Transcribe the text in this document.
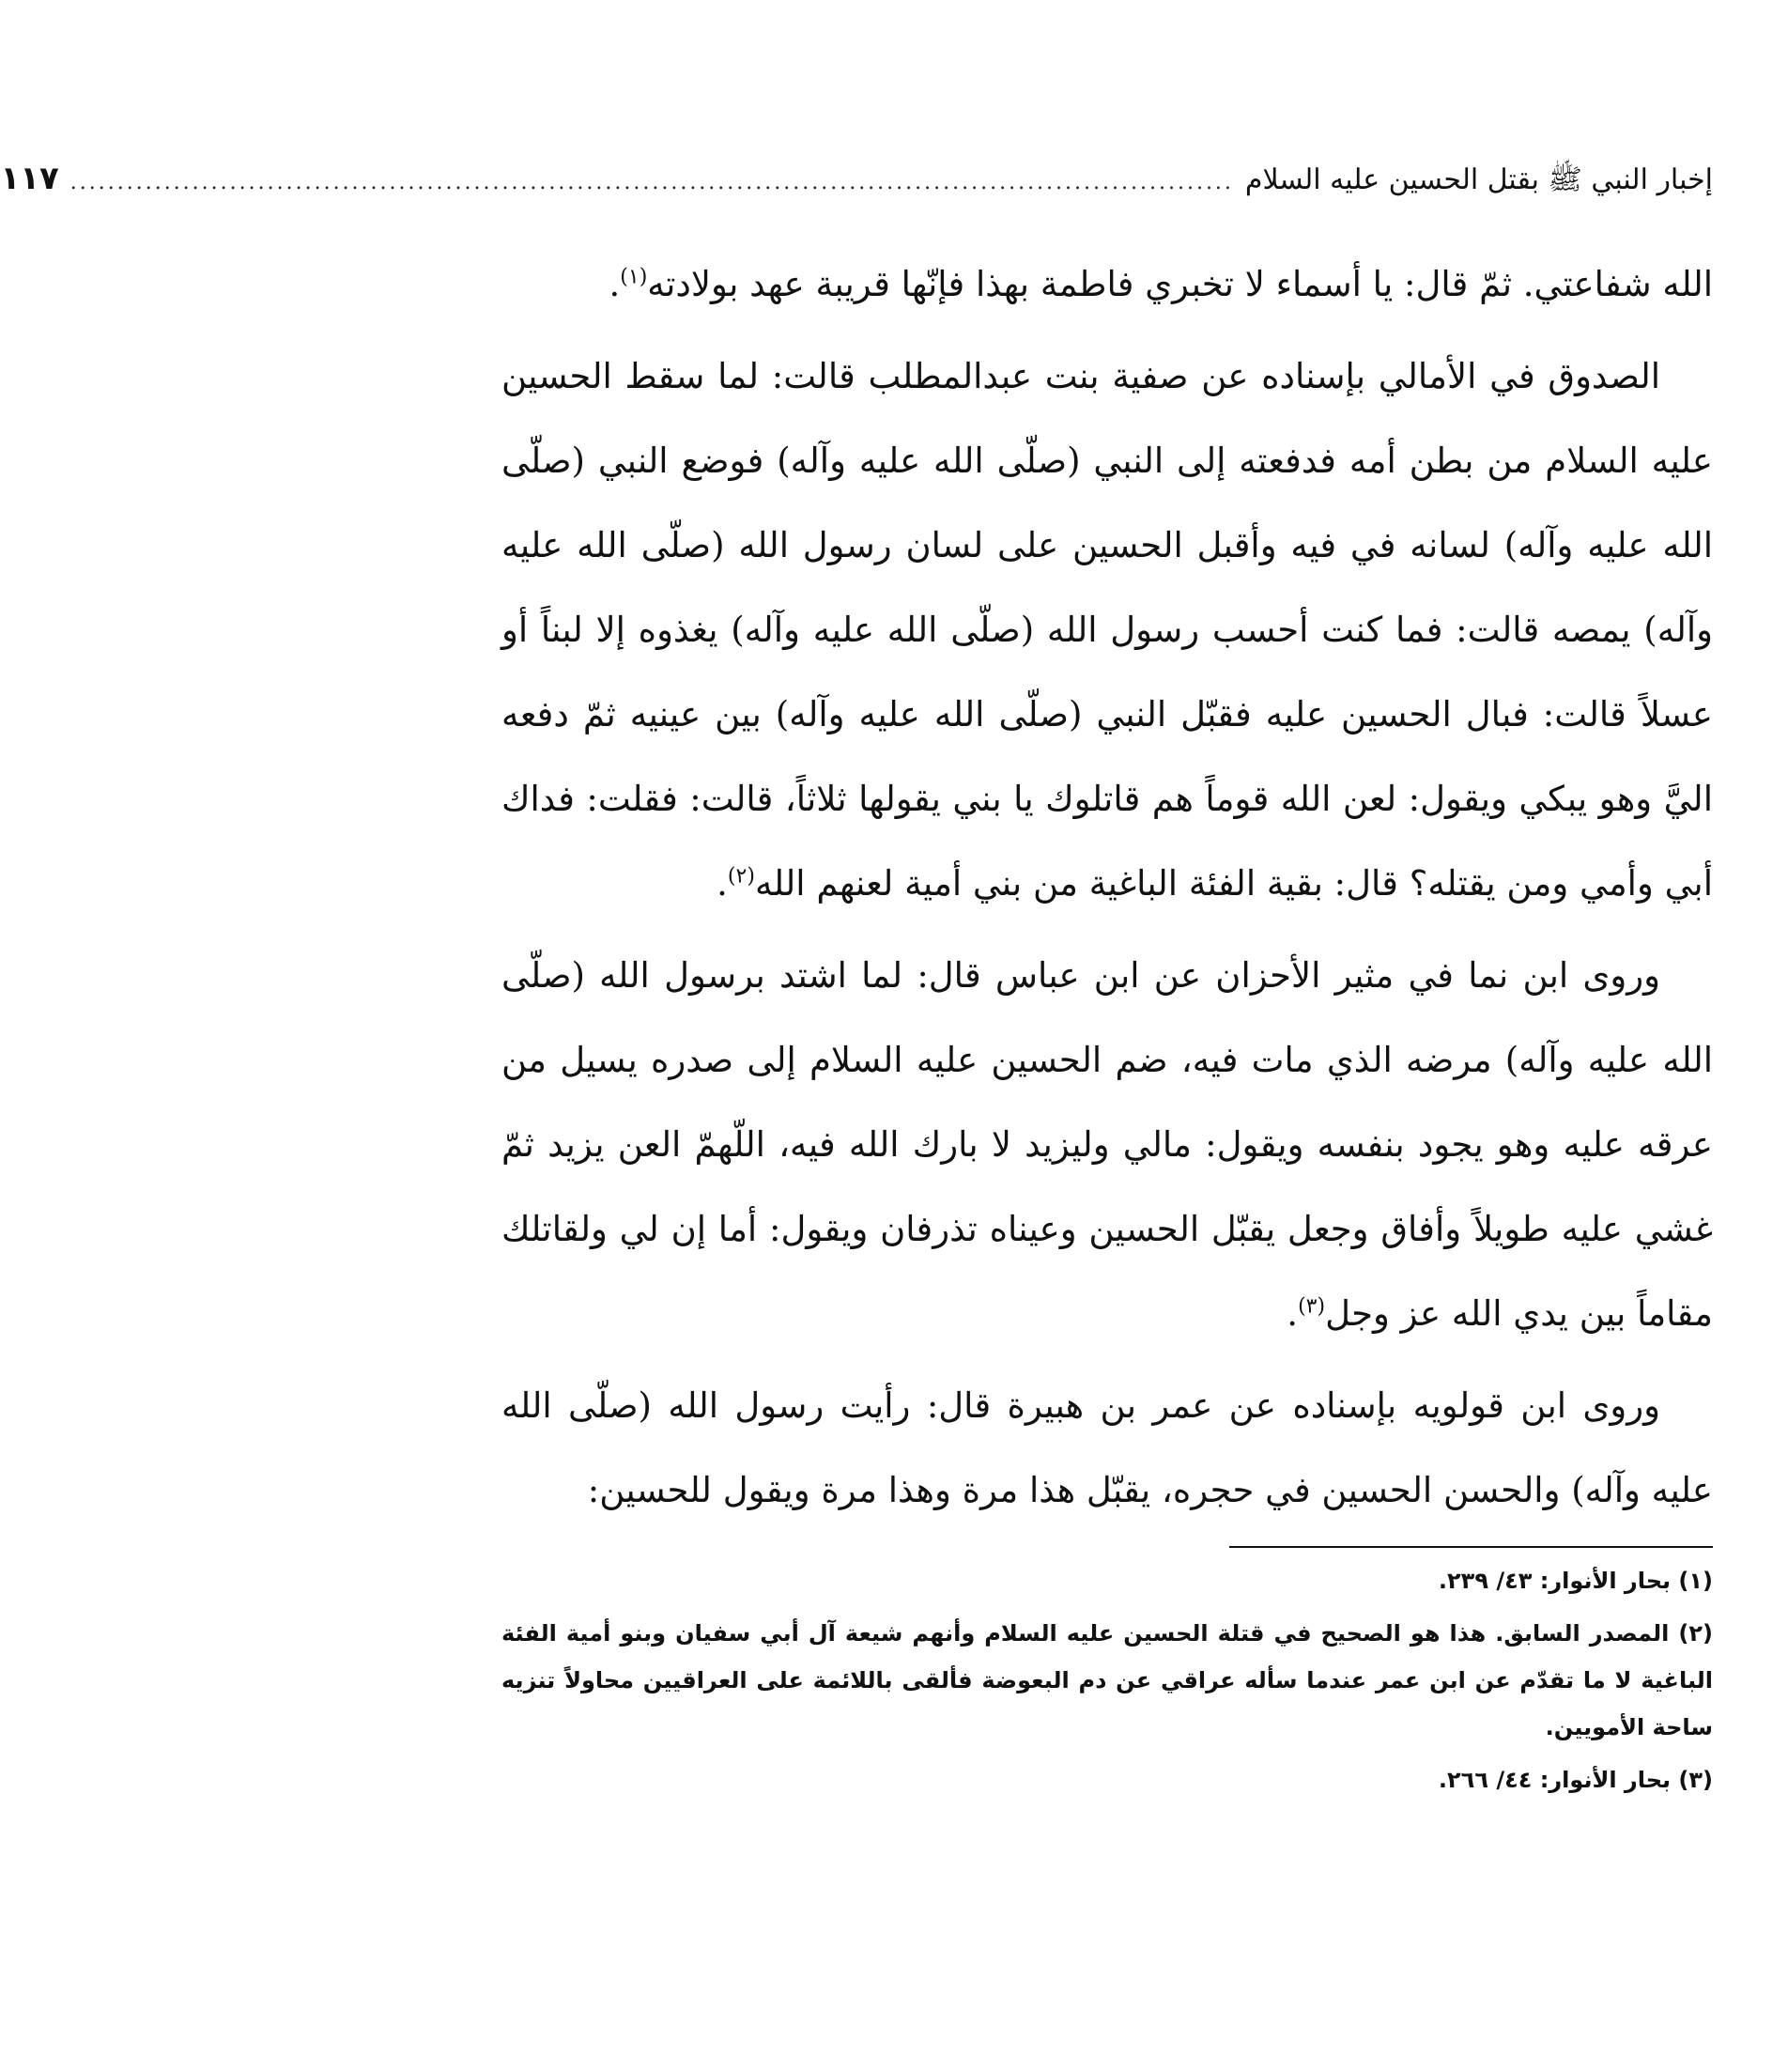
إخبار النبي ﷺ بقتل الحسين عليه السلام
............................................................................................................................
١١٧

الله شفاعتي. ثمّ قال: يا أسماء لا تخبري فاطمة بهذا فإنّها قريبة عهد بولادته$^{(١)}$.

الصدوق في الأمالي بإسناده عن صفية بنت عبدالمطلب قالت: لما سقط الحسين عليه السلام من بطن أمه فدفعته إلى النبي (صلّى الله عليه وآله) فوضع النبي (صلّى الله عليه وآله) لسانه في فيه وأقبل الحسين على لسان رسول الله (صلّى الله عليه وآله) يمصه قالت: فما كنت أحسب رسول الله (صلّى الله عليه وآله) يغذوه إلا لبناً أو عسلاً قالت: فبال الحسين عليه فقبّل النبي (صلّى الله عليه وآله) بين عينيه ثمّ دفعه اليَّ وهو يبكي ويقول: لعن الله قوماً هم قاتلوك يا بني يقولها ثلاثاً، قالت: فقلت: فداك أبي وأمي ومن يقتله؟ قال: بقية الفئة الباغية من بني أمية لعنهم الله$^{(٢)}$.

وروى ابن نما في مثير الأحزان عن ابن عباس قال: لما اشتد برسول الله (صلّى الله عليه وآله) مرضه الذي مات فيه، ضم الحسين عليه السلام إلى صدره يسيل من عرقه عليه وهو يجود بنفسه ويقول: مالي وليزيد لا بارك الله فيه، اللّهمّ العن يزيد ثمّ غشي عليه طويلاً وأفاق وجعل يقبّل الحسين وعيناه تذرفان ويقول: أما إن لي ولقاتلك مقاماً بين يدي الله عز وجل$^{(٣)}$.

وروى ابن قولويه بإسناده عن عمر بن هبيرة قال: رأيت رسول الله (صلّى الله عليه وآله) والحسن الحسين في حجره، يقبّل هذا مرة وهذا مرة ويقول للحسين:

(١) بحار الأنوار: ٤٣/ ٢٣٩.

(٢) المصدر السابق. هذا هو الصحيح في قتلة الحسين عليه السلام وأنهم شيعة آل أبي سفيان وبنو أمية الفئة الباغية لا ما تقدّم عن ابن عمر عندما سأله عراقي عن دم البعوضة فألقى باللائمة على العراقيين محاولاً تنزيه ساحة الأمويين.

(٣) بحار الأنوار: ٤٤/ ٢٦٦.
